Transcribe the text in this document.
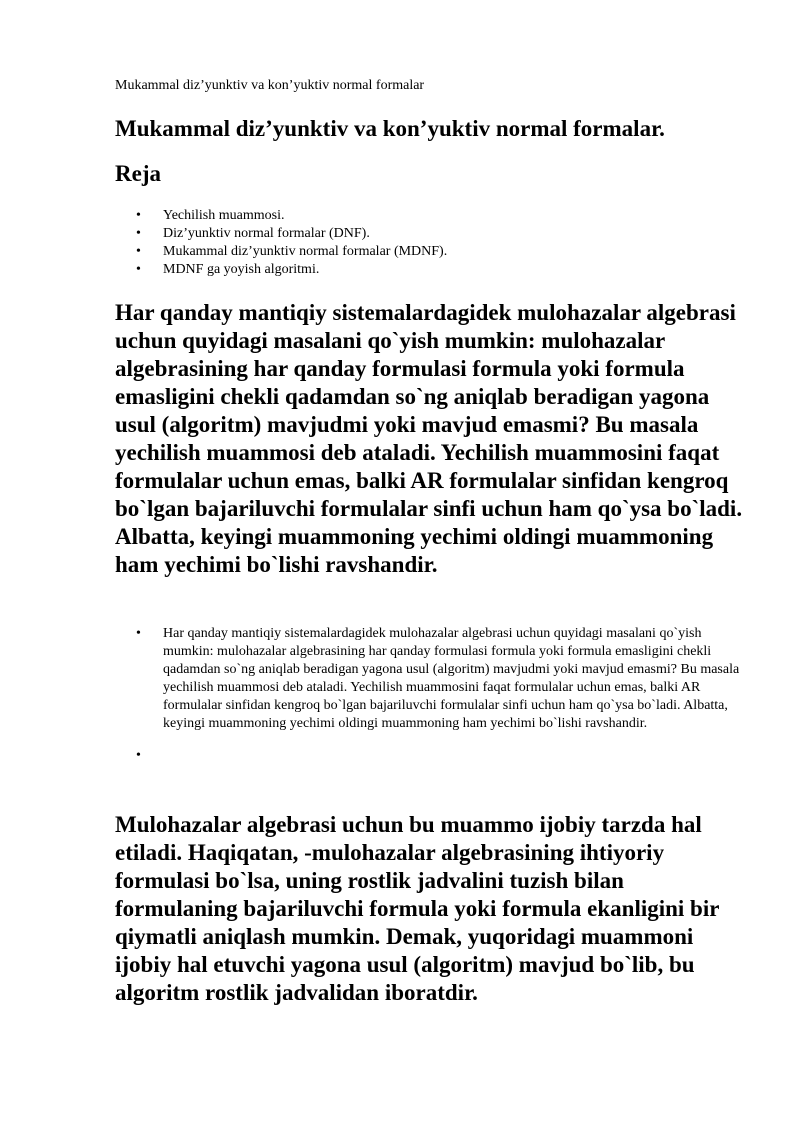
Mukammal diz’yunktiv va kon’yuktiv normal formalar
Mukammal diz’yunktiv va kon’yuktiv normal formalar.
Reja
• Yechilish muammosi.
• Diz’yunktiv normal formalar (DNF).
• Mukammal diz’yunktiv normal formalar (MDNF).
• MDNF ga yoyish algoritmi.

Har qanday mantiqiy sistemalardagidek mulohazalar algebrasi uchun quyidagi masalani qo`yish mumkin: mulohazalar algebrasining har qanday formulasi formula yoki formula emasligini chekli qadamdan so`ng aniqlab beradigan yagona usul (algoritm) mavjudmi yoki mavjud emasmi? Bu masala yechilish muammosi deb ataladi. Yechilish muammosini faqat formulalar uchun emas, balki AR formulalar sinfidan kengroq bo`lgan bajariluvchi formulalar sinfi uchun ham qo`ysa bo`ladi. Albatta, keyingi muammoning yechimi oldingi muammoning ham yechimi bo`lishi ravshandir.

• Har qanday mantiqiy sistemalardagidek mulohazalar algebrasi uchun quyidagi masalani qo`yish mumkin: mulohazalar algebrasining har qanday formulasi formula yoki formula emasligini chekli qadamdan so`ng aniqlab beradigan yagona usul (algoritm) mavjudmi yoki mavjud emasmi? Bu masala yechilish muammosi deb ataladi. Yechilish muammosini faqat formulalar uchun emas, balki AR formulalar sinfidan kengroq bo`lgan bajariluvchi formulalar sinfi uchun ham qo`ysa bo`ladi. Albatta, keyingi muammoning yechimi oldingi muammoning ham yechimi bo`lishi ravshandir.
•

Mulohazalar algebrasi uchun bu muammo ijobiy tarzda hal etiladi. Haqiqatan, -mulohazalar algebrasining ihtiyoriy formulasi bo`lsa, uning rostlik jadvalini tuzish bilan formulaning bajariluvchi formula yoki formula ekanligini bir qiymatli aniqlash mumkin. Demak, yuqoridagi muammoni ijobiy hal etuvchi yagona usul (algoritm) mavjud bo`lib, bu algoritm rostlik jadvalidan iboratdir.
